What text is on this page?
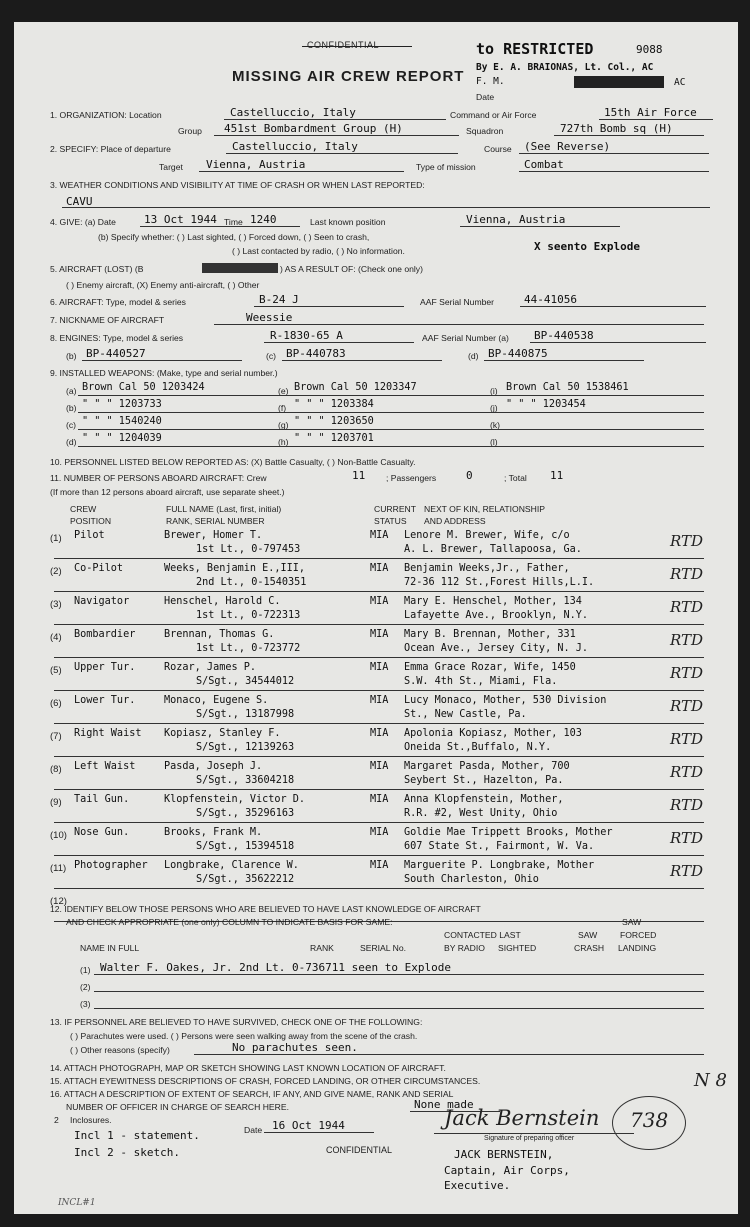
CONFIDENTIAL
MISSING AIR CREW REPORT
to RESTRICTED	9088
By E. A. BRAIONAS, Lt. Col., AC
F. M.	AC
Date
1. ORGANIZATION: Location	Castelluccio, Italy	Command or Air Force	15th Air Force
Group 451st Bombardment Group (H)	Squadron	727th Bomb sq (H)
2. SPECIFY: Place of departure	Castelluccio, Italy	Course (See Reverse)
Target Vienna, Austria	Type of mission	Combat
3. WEATHER CONDITIONS AND VISIBILITY AT TIME OF CRASH OR WHEN LAST REPORTED:
CAVU
4. GIVE: (a) Date	13 Oct 1944 Time 1240	Last known position	Vienna, Austria
(b) Specify whether: ( ) Last sighted, ( ) Forced down, ( ) Seen to crash,
( ) Last contacted by radio, ( ) No information.	X seento Explode
5. AIRCRAFT (LOST) (B	) AS A RESULT OF: (Check one only)
( ) Enemy aircraft, (X) Enemy anti-aircraft, ( ) Other
6. AIRCRAFT: Type, model & series	B-24 J	AAF Serial Number	44-41056
7. NICKNAME OF AIRCRAFT	Weessie
8. ENGINES: Type, model & series	R-1830-65 A	AAF Serial Number (a) BP-440538
(b) BP-440527	(c) BP-440783	(d) BP-440875
9. INSTALLED WEAPONS: (Make, type and serial number.)
(a) Brown Cal 50 1203424	(e) Brown Cal 50 1203347	(i) Brown Cal 50 1538461
(b) " " " 1203733	(f) " " " 1203384	(j) " " " 1203454
(c) " " " 1540240	(g) " " " 1203650	(k)
(d) " " " 1204039	(h) " " " 1203701	(l)
10. PERSONNEL LISTED BELOW REPORTED AS: (X) Battle Casualty, ( ) Non-Battle Casualty.
11. NUMBER OF PERSONS ABOARD AIRCRAFT: Crew	11 ; Passengers	0	; Total 11
(If more than 12 persons aboard aircraft, use separate sheet.)
CREW
POSITION
FULL NAME (Last, first, initial)
RANK, SERIAL NUMBER
CURRENT
STATUS
NEXT OF KIN, RELATIONSHIP
AND ADDRESS
(1) Pilot	Brewer, Homer T.	MIA Lenore M. Brewer, Wife, c/o
1st Lt., 0-797453	A. L. Brewer, Tallapoosa, Ga.	RTD
(2) Co-Pilot	Weeks, Benjamin E.,III,	MIA Benjamin Weeks,Jr., Father,
2nd Lt., 0-1540351	72-36 112 St.,Forest Hills,L.I.	RTD
(3) Navigator	Henschel, Harold C.	MIA Mary E. Henschel, Mother, 134
1st Lt., 0-722313	Lafayette Ave., Brooklyn, N.Y.	RTD
(4) Bombardier	Brennan, Thomas G.	MIA Mary B. Brennan, Mother, 331
1st Lt., 0-723772	Ocean Ave., Jersey City, N. J.	RTD
(5) Upper Tur.	Rozar, James P.	MIA Emma Grace Rozar, Wife, 1450
S/Sgt., 34544012	S.W. 4th St., Miami, Fla.	RTD
(6) Lower Tur.	Monaco, Eugene S.	MIA Lucy Monaco, Mother, 530 Division
S/Sgt., 13187998	St., New Castle, Pa.	RTD
(7) Right Waist Kopiasz, Stanley F.	MIA Apolonia Kopiasz, Mother, 103
S/Sgt., 12139263	Oneida St.,Buffalo, N.Y.	RTD
(8) Left Waist	Pasda, Joseph J.	MIA Margaret Pasda, Mother, 700
S/Sgt., 33604218	Seybert St., Hazelton, Pa.	RTD
(9) Tail Gun.	Klopfenstein, Victor D.	MIA Anna Klopfenstein, Mother,
S/Sgt., 35296163	R.R. #2, West Unity, Ohio	RTD
(10) Nose Gun.	Brooks, Frank M.	MIA Goldie Mae Trippett Brooks, Mother
S/Sgt., 15394518	607 State St., Fairmont, W. Va.	RTD
(11) Photographer Longbrake, Clarence W.	MIA Marguerite P. Longbrake, Mother
S/Sgt., 35622212	South Charleston, Ohio	RTD
(12)
12. IDENTIFY BELOW THOSE PERSONS WHO ARE BELIEVED TO HAVE LAST KNOWLEDGE OF AIRCRAFT
AND CHECK APPROPRIATE (one only) COLUMN TO INDICATE BASIS FOR SAME:	SAW
CONTACTED LAST	SAW	FORCED
NAME IN FULL	RANK	SERIAL No.	BY RADIO SIGHTED	CRASH LANDING
(1) Walter F. Oakes, Jr. 2nd Lt. 0-736711 seen to Explode
(2)
(3)
13. IF PERSONNEL ARE BELIEVED TO HAVE SURVIVED, CHECK ONE OF THE FOLLOWING:
( ) Parachutes were used. ( ) Persons were seen walking away from the scene of the crash.
( ) Other reasons (specify)	No parachutes seen.
14. ATTACH PHOTOGRAPH, MAP OR SKETCH SHOWING LAST KNOWN LOCATION OF AIRCRAFT.
15. ATTACH EYEWITNESS DESCRIPTIONS OF CRASH, FORCED LANDING, OR OTHER CIRCUMSTANCES.
16. ATTACH A DESCRIPTION OF EXTENT OF SEARCH, IF ANY, AND GIVE NAME, RANK AND SERIAL
NUMBER OF OFFICER IN CHARGE OF SEARCH HERE.	None made
2 Inclosures.
Incl 1 - statement.
Incl 2 - sketch.
Date 16 Oct 1944
CONFIDENTIAL
Jack Bernstein
Signature of preparing officer
JACK BERNSTEIN,
Captain, Air Corps,
Executive.
738
N 8
INCL#1
